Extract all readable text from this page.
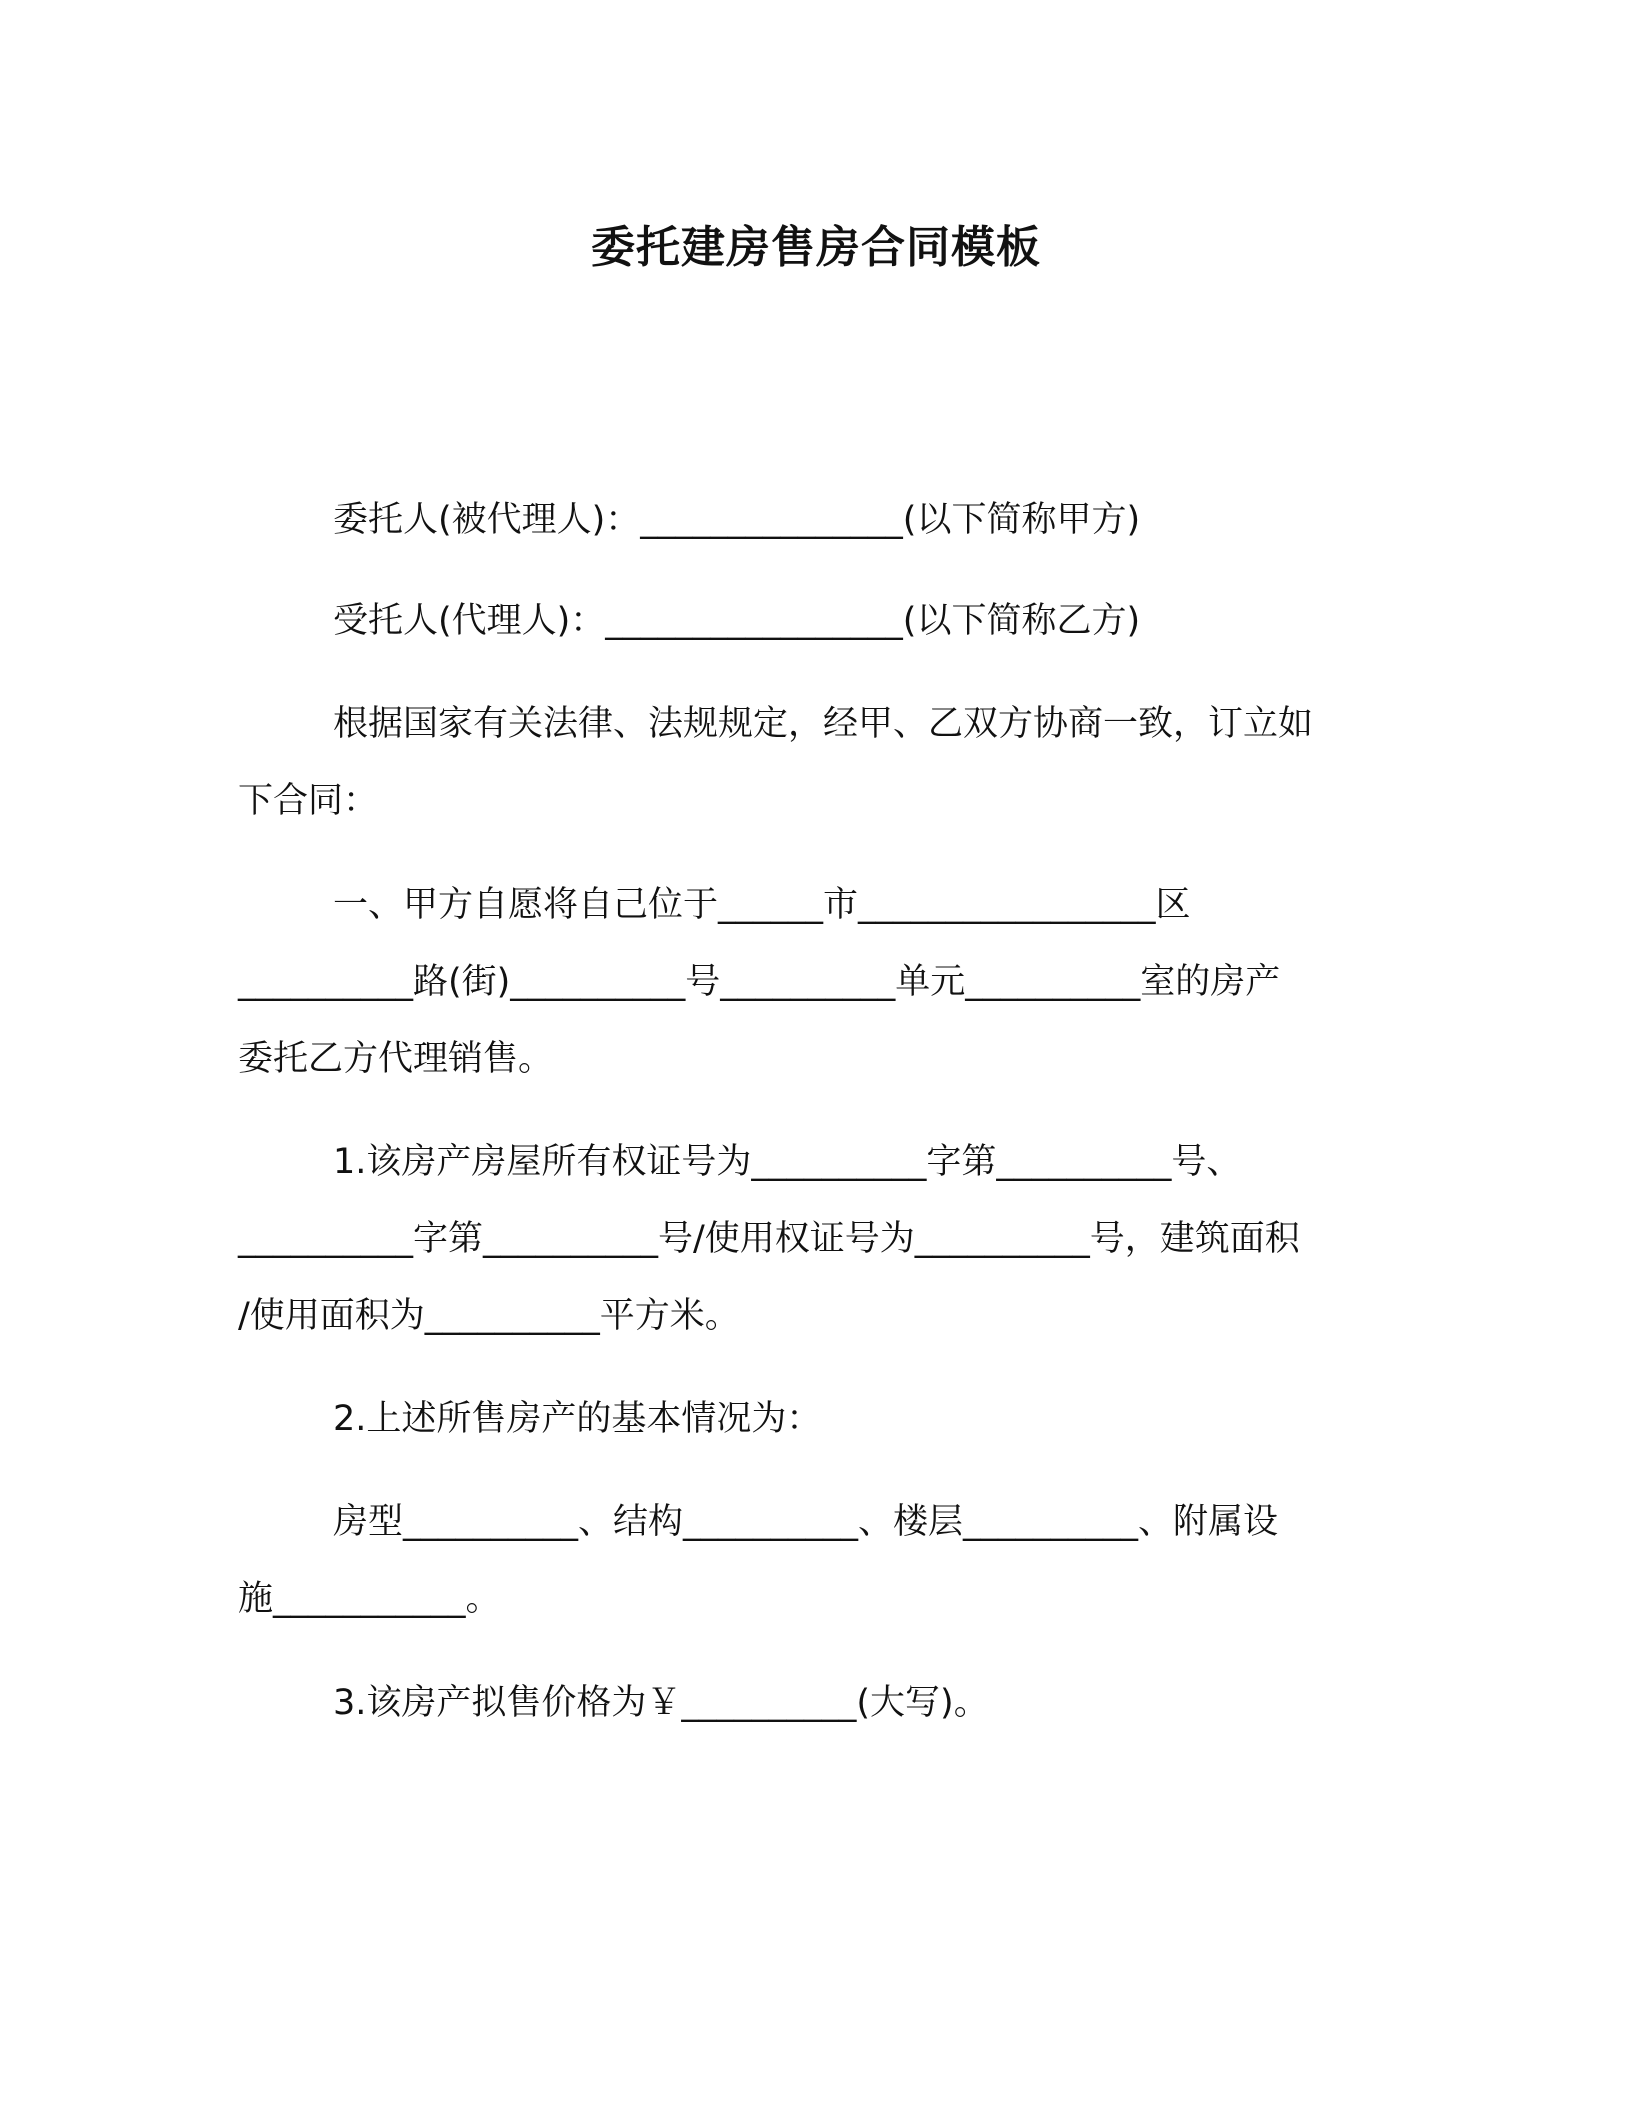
委托建房售房合同模板
委托人(被代理人)：_______________(以下简称甲方)
受托人(代理人)：_________________(以下简称乙方)
根据国家有关法律、法规规定，经甲、乙双方协商一致，订立如
下合同：
一、甲方自愿将自己位于______市_________________区
__________路(街)__________号__________单元__________室的房产
委托乙方代理销售。
1.该房产房屋所有权证号为__________字第__________号、
__________字第__________号/使用权证号为__________号，建筑面积
/使用面积为__________平方米。
2.上述所售房产的基本情况为：
房型__________、结构__________、楼层__________、附属设
施___________。
3.该房产拟售价格为￥__________(大写)。
